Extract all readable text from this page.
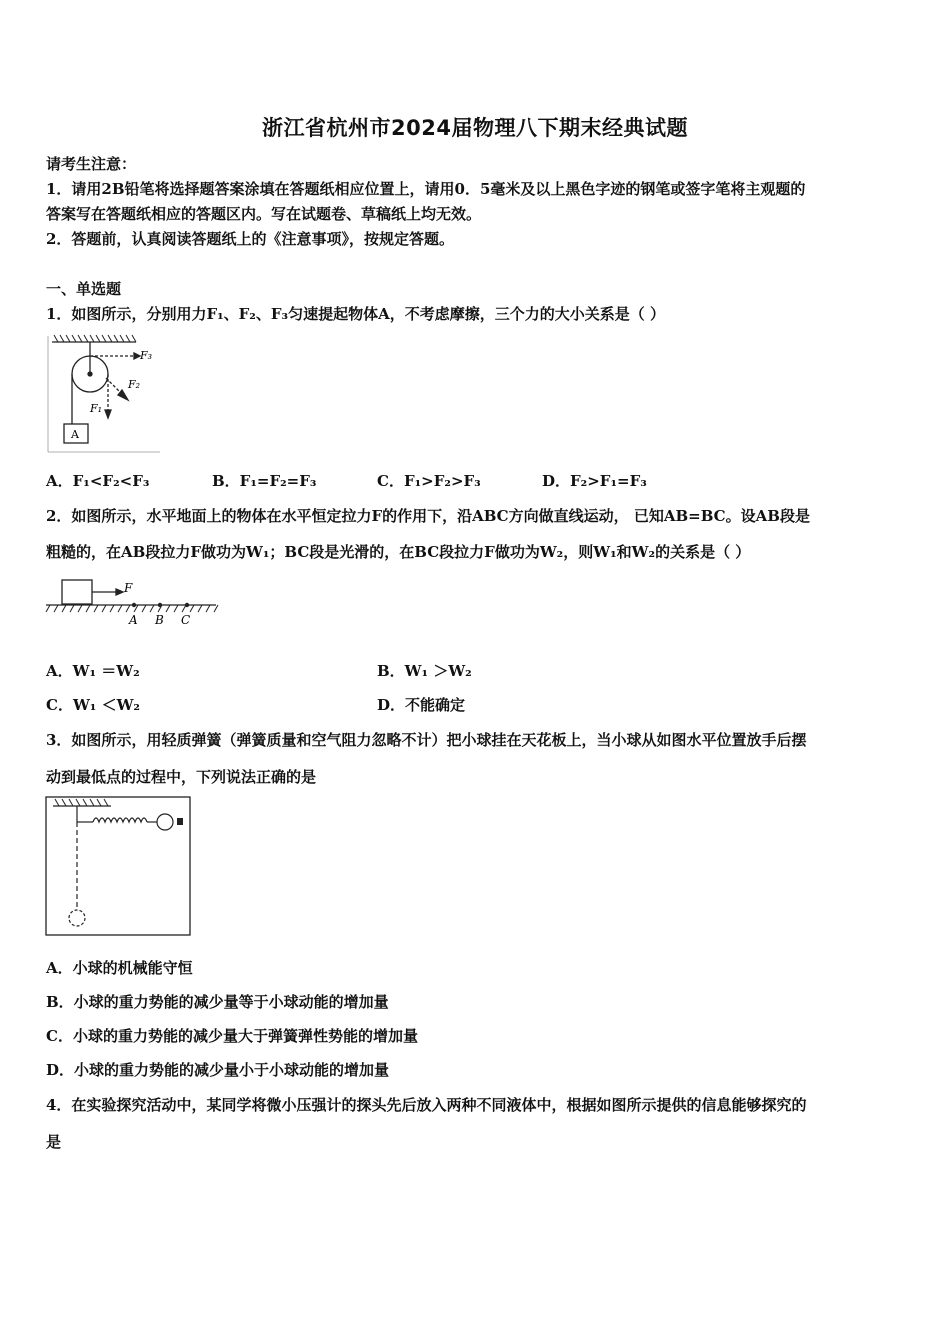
浙江省杭州市2024届物理八下期末经典试题
请考生注意：
1．请用2B铅笔将选择题答案涂填在答题纸相应位置上，请用0．5毫米及以上黑色字迹的钢笔或签字笔将主观题的
答案写在答题纸相应的答题区内。写在试题卷、草稿纸上均无效。
2．答题前，认真阅读答题纸上的《注意事项》，按规定答题。
一、单选题
1．如图所示，分别用力F₁、F₂、F₃匀速提起物体A，不考虑摩擦，三个力的大小关系是（ ）
F₃
F₂
F₁
A
A．F₁<F₂<F₃	B．F₁=F₂=F₃	C．F₁>F₂>F₃	D．F₂>F₁=F₃
2．如图所示，水平地面上的物体在水平恒定拉力F的作用下，沿ABC方向做直线运动， 已知AB=BC。设AB段是
粗糙的，在AB段拉力F做功为W₁；BC段是光滑的，在BC段拉力F做功为W₂，则W₁和W₂的关系是（ ）
F
A B C
A．W₁ ＝W₂	B．W₁ ＞W₂
C．W₁ ＜W₂	D．不能确定
3．如图所示，用轻质弹簧（弹簧质量和空气阻力忽略不计）把小球挂在天花板上，当小球从如图水平位置放手后摆
动到最低点的过程中，下列说法正确的是
A．小球的机械能守恒
B．小球的重力势能的减少量等于小球动能的增加量
C．小球的重力势能的减少量大于弹簧弹性势能的增加量
D．小球的重力势能的减少量小于小球动能的增加量
4．在实验探究活动中，某同学将微小压强计的探头先后放入两种不同液体中，根据如图所示提供的信息能够探究的
是
